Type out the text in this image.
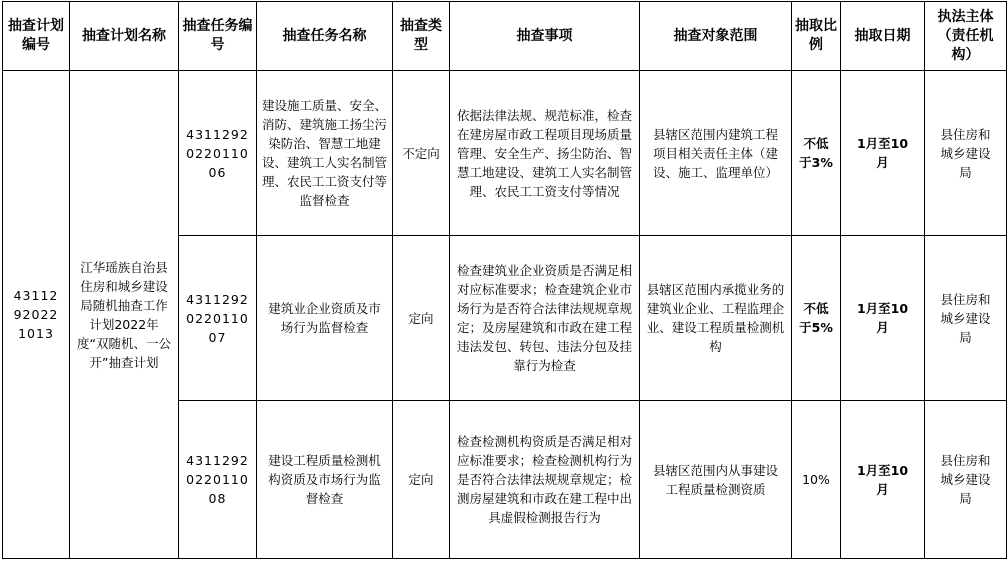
抽查计划编号	抽查计划名称	抽查任务编号	抽查任务名称	抽查类型	抽查事项	抽查对象范围	抽取比例	抽取日期	执法主体（责任机构）
43112920221013	江华瑶族自治县住房和城乡建设局随机抽查工作计划2022年度“双随机、一公开”抽查计划	4311292022011006	建设施工质量、安全、消防、建筑施工扬尘污染防治、智慧工地建设、建筑工人实名制管理、农民工工资支付等监督检查	不定向	依据法律法规、规范标准，检查在建房屋市政工程项目现场质量管理、安全生产、扬尘防治、智慧工地建设、建筑工人实名制管理、农民工工资支付等情况	县辖区范围内建筑工程项目相关责任主体（建设、施工、监理单位）	不低于3%	1月至10月	县住房和城乡建设局
		4311292022011007	建筑业企业资质及市场行为监督检查	定向	检查建筑业企业资质是否满足相对应标准要求；检查建筑企业市场行为是否符合法律法规规章规定；及房屋建筑和市政在建工程违法发包、转包、违法分包及挂靠行为检查	县辖区范围内承揽业务的建筑业企业、工程监理企业、建设工程质量检测机构	不低于5%	1月至10月	县住房和城乡建设局
		4311292022011008	建设工程质量检测机构资质及市场行为监督检查	定向	检查检测机构资质是否满足相对应标准要求；检查检测机构行为是否符合法律法规规章规定；检测房屋建筑和市政在建工程中出具虚假检测报告行为	县辖区范围内从事建设工程质量检测资质	10%	1月至10月	县住房和城乡建设局
